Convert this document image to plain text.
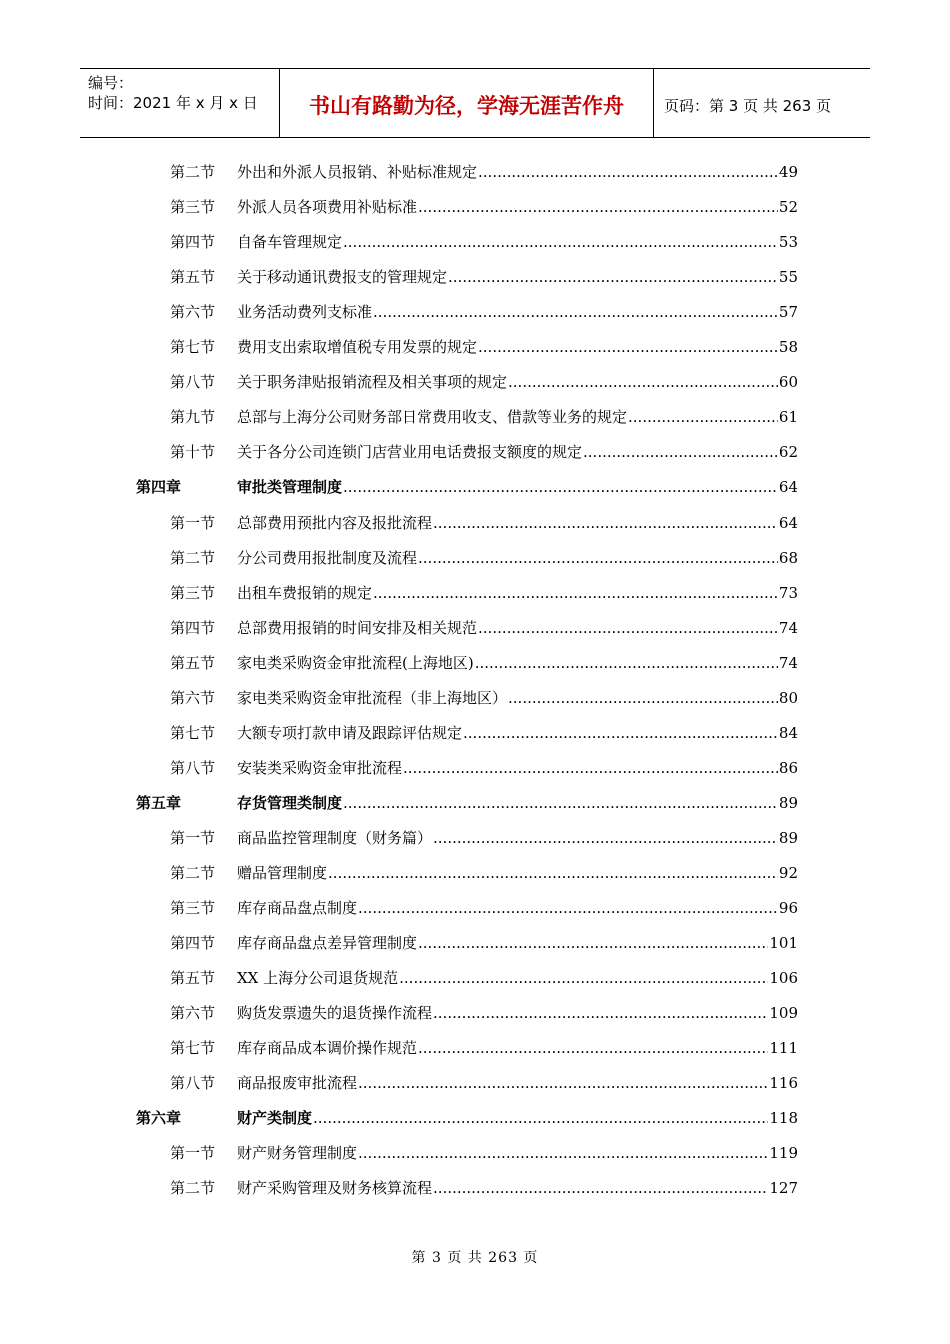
编号：
时间：2021 年 x 月 x 日	书山有路勤为径，学海无涯苦作舟	页码：第 3 页 共 263 页
第二节 外出和外派人员报销、补贴标准规定 .....	49
第三节 外派人员各项费用补贴标准 .....	52
第四节 自备车管理规定 .....	53
第五节 关于移动通讯费报支的管理规定 .....	55
第六节 业务活动费列支标准 .....	57
第七节 费用支出索取增值税专用发票的规定 .....	58
第八节 关于职务津贴报销流程及相关事项的规定 .....	60
第九节 总部与上海分公司财务部日常费用收支、借款等业务的规定 .....	61
第十节 关于各分公司连锁门店营业用电话费报支额度的规定 .....	62
第四章	审批类管理制度 .....	64
第一节 总部费用预批内容及报批流程 .....	64
第二节 分公司费用报批制度及流程 .....	68
第三节 出租车费报销的规定 .....	73
第四节 总部费用报销的时间安排及相关规范 .....	74
第五节 家电类采购资金审批流程(上海地区) .....	74
第六节 家电类采购资金审批流程（非上海地区） .....	80
第七节 大额专项打款申请及跟踪评估规定 .....	84
第八节 安装类采购资金审批流程 .....	86
第五章	存货管理类制度 .....	89
第一节 商品监控管理制度（财务篇） .....	89
第二节 赠品管理制度 .....	92
第三节 库存商品盘点制度 .....	96
第四节 库存商品盘点差异管理制度 .....	101
第五节 XX 上海分公司退货规范 .....	106
第六节 购货发票遗失的退货操作流程 .....	109
第七节 库存商品成本调价操作规范 .....	111
第八节 商品报废审批流程 .....	116
第六章	财产类制度 .....	118
第一节 财产财务管理制度 .....	119
第二节 财产采购管理及财务核算流程 .....	127
第 3 页 共 263 页
